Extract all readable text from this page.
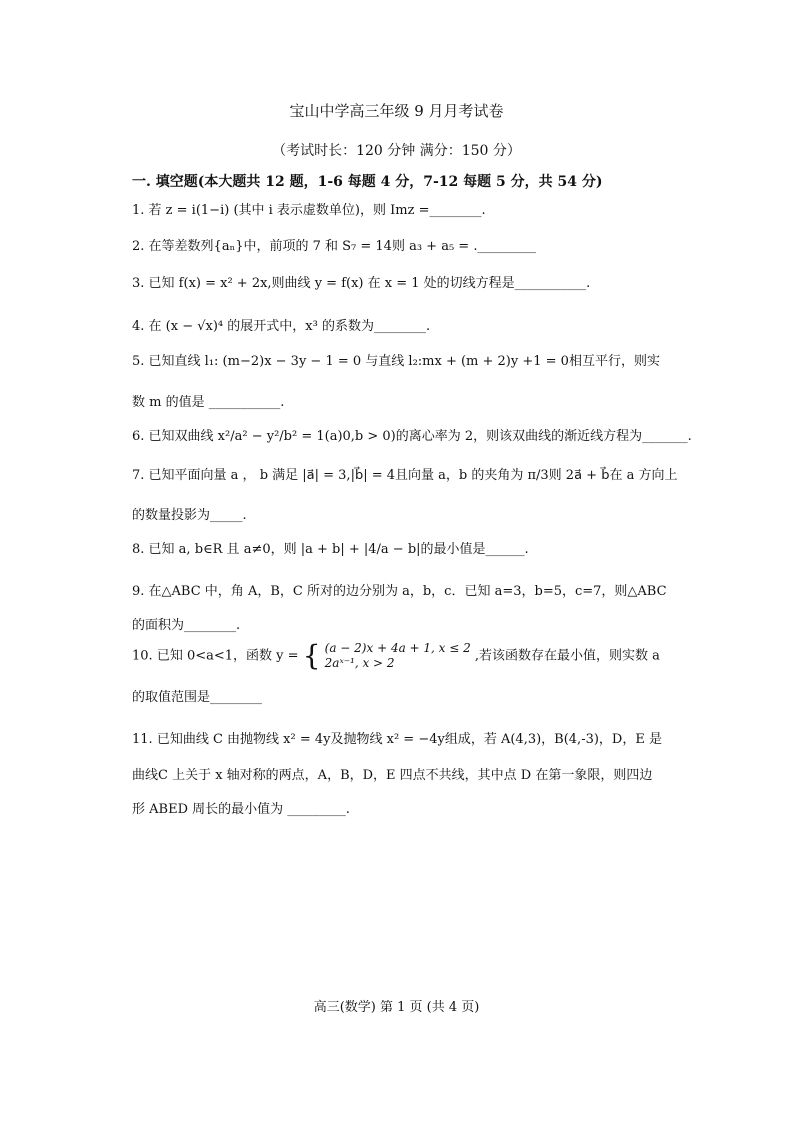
宝山中学高三年级 9 月月考试卷
（考试时长：120 分钟 满分：150 分）
一. 填空题(本大题共 12 题，1-6 每题 4 分，7-12 每题 5 分，共 54 分)
1. 若 z = i(1−i) (其中 i 表示虚数单位)，则 Imz =________.
2. 在等差数列{aₙ}中，前项的 7 和 S₇ = 14则 a₃ + a₅ = ._________
3. 已知 f(x) = x² + 2x,则曲线 y = f(x) 在 x = 1 处的切线方程是___________.
4. 在 (x − √x)⁴ 的展开式中，x³ 的系数为________.
5. 已知直线 l₁: (m−2)x − 3y − 1 = 0 与直线 l₂:mx + (m + 2)y +1 = 0相互平行，则实
数 m 的值是 ___________.
6. 已知双曲线 x²/a² − y²/b² = 1(a)0,b > 0)的离心率为 2，则该双曲线的渐近线方程为_______.
7. 已知平面向量 a ， b 满足 |a⃗| = 3,|b⃗| = 4且向量 a，b 的夹角为 π/3则 2a⃗ + b⃗在 a 方向上
的数量投影为_____.
8. 已知 a, b∈R 且 a≠0，则 |a + b| + |4/a − b|的最小值是______.
9. 在△ABC 中，角 A，B，C 所对的边分别为 a，b，c．已知 a=3，b=5，c=7，则△ABC
的面积为________.
10. 已知 0<a<1，函数 y = { (a − 2)x + 4a + 1, x ≤ 2
2aˣ⁻¹, x > 2	,若该函数存在最小值，则实数 a
的取值范围是________
11. 已知曲线 C 由抛物线 x² = 4y及抛物线 x² = −4y组成，若 A(4,3)，B(4,-3)，D，E 是
曲线C 上关于 x 轴对称的两点，A，B，D，E 四点不共线，其中点 D 在第一象限，则四边
形 ABED 周长的最小值为 _________.
高三(数学) 第 1 页 (共 4 页)
